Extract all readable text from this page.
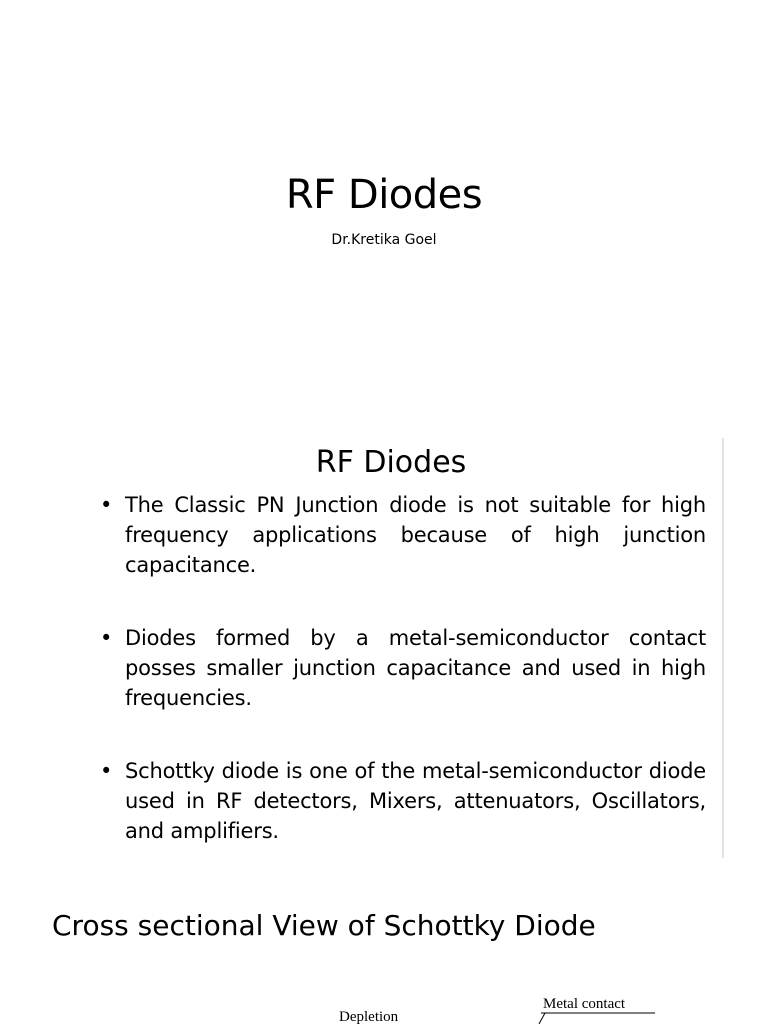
RF Diodes
Dr.Kretika Goel
RF Diodes
• The Classic PN Junction diode is not suitable for high frequency applications because of high junction capacitance.
• Diodes formed by a metal-semiconductor contact posses smaller junction capacitance and used in high frequencies.
• Schottky diode is one of the metal-semiconductor diode used in RF detectors, Mixers, attenuators, Oscillators, and amplifiers.
Cross sectional View of Schottky Diode
Metal contact
Depletion
